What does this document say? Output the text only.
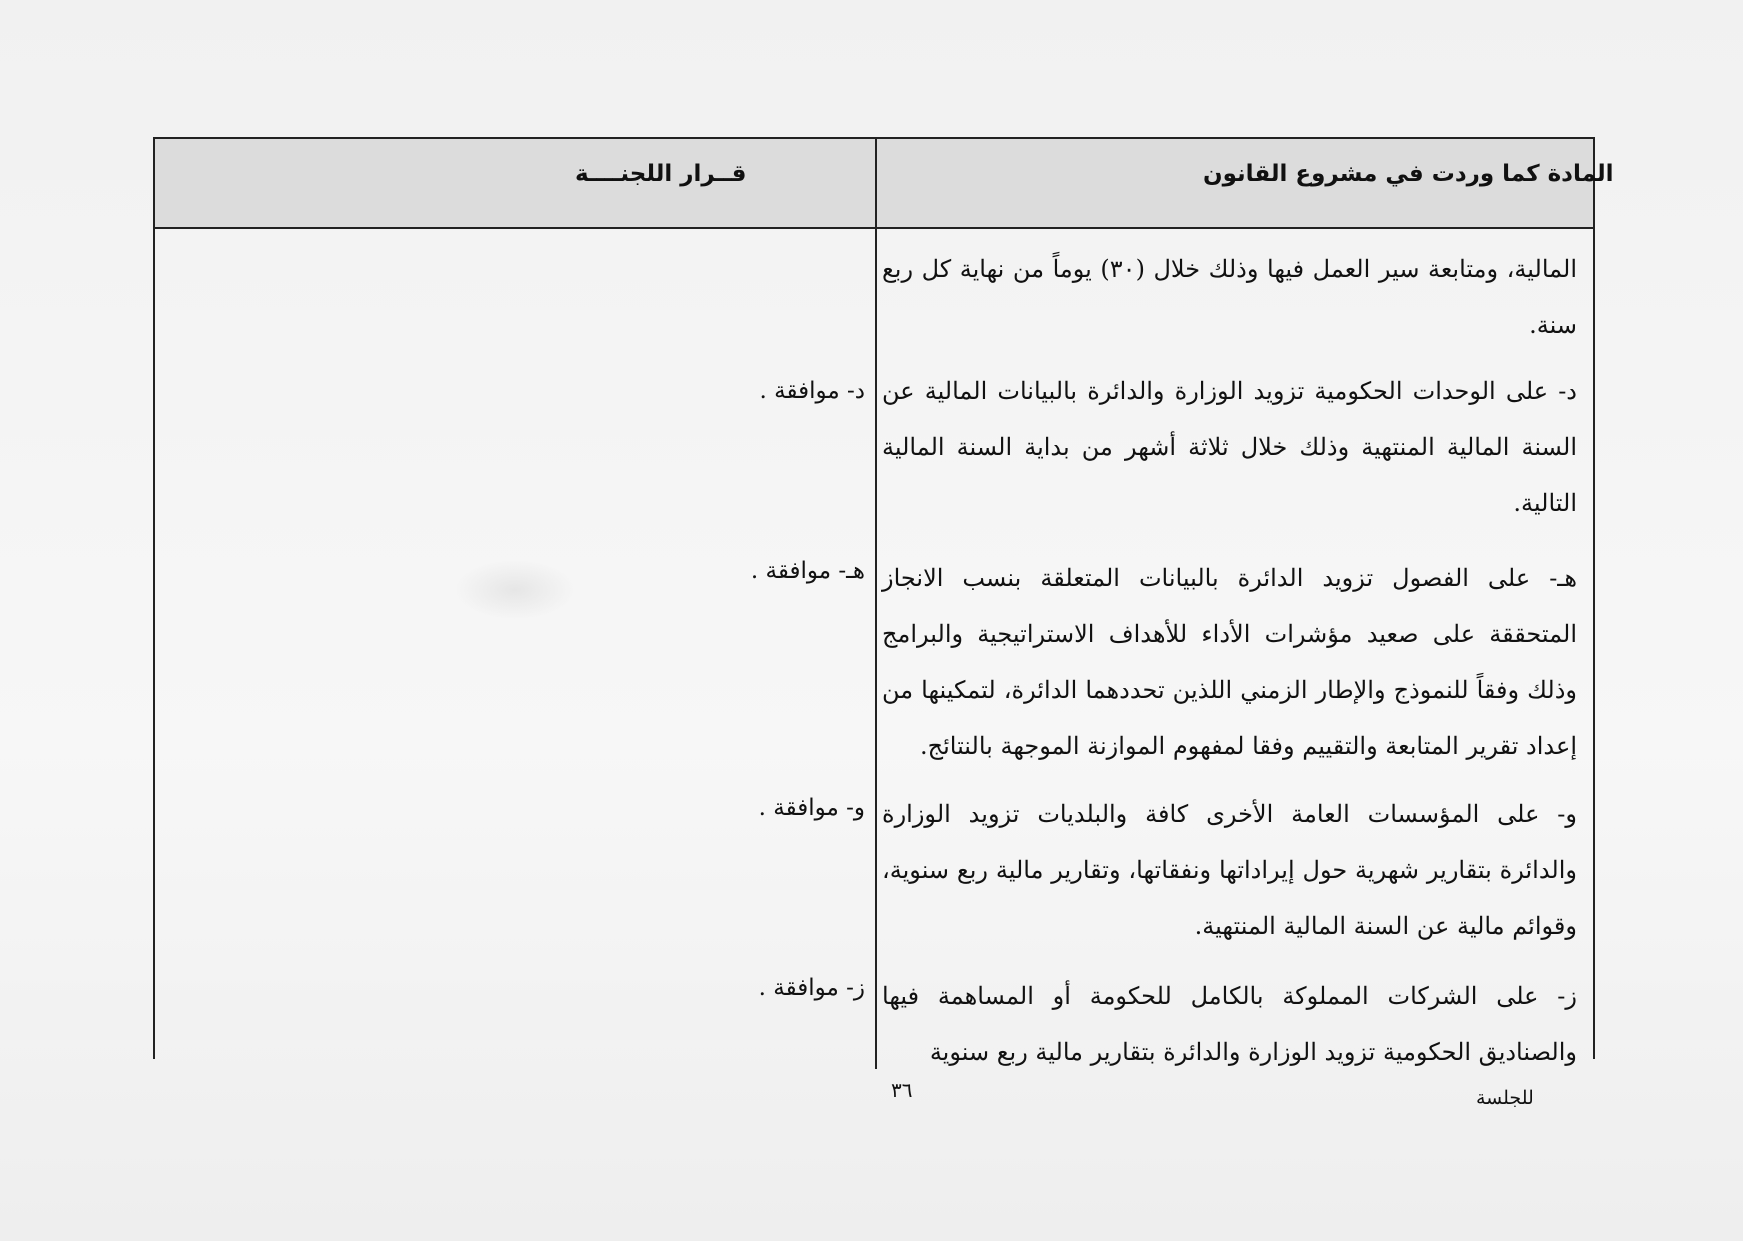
المادة كما وردت في مشروع القانون
قــرار اللجنــــة
المالية، ومتابعة سير العمل فيها وذلك خلال (٣٠) يوماً من نهاية كل ربع سنة.
د- على الوحدات الحكومية تزويد الوزارة والدائرة بالبيانات المالية عن السنة المالية المنتهية وذلك خلال ثلاثة أشهر من بداية السنة المالية التالية.
د- موافقة .
هـ- على الفصول تزويد الدائرة بالبيانات المتعلقة بنسب الانجاز المتحققة على صعيد مؤشرات الأداء للأهداف الاستراتيجية والبرامج وذلك وفقاً للنموذج والإطار الزمني اللذين تحددهما الدائرة، لتمكينها من إعداد تقرير المتابعة والتقييم وفقا لمفهوم الموازنة الموجهة بالنتائج.
هـ- موافقة .
و- على المؤسسات العامة الأخرى كافة والبلديات تزويد الوزارة والدائرة بتقارير شهرية حول إيراداتها ونفقاتها، وتقارير مالية ربع سنوية، وقوائم مالية عن السنة المالية المنتهية.
و- موافقة .
ز- على الشركات المملوكة بالكامل للحكومة أو المساهمة فيها والصناديق الحكومية تزويد الوزارة والدائرة بتقارير مالية ربع سنوية
ز- موافقة .
٣٦	للجلسة
